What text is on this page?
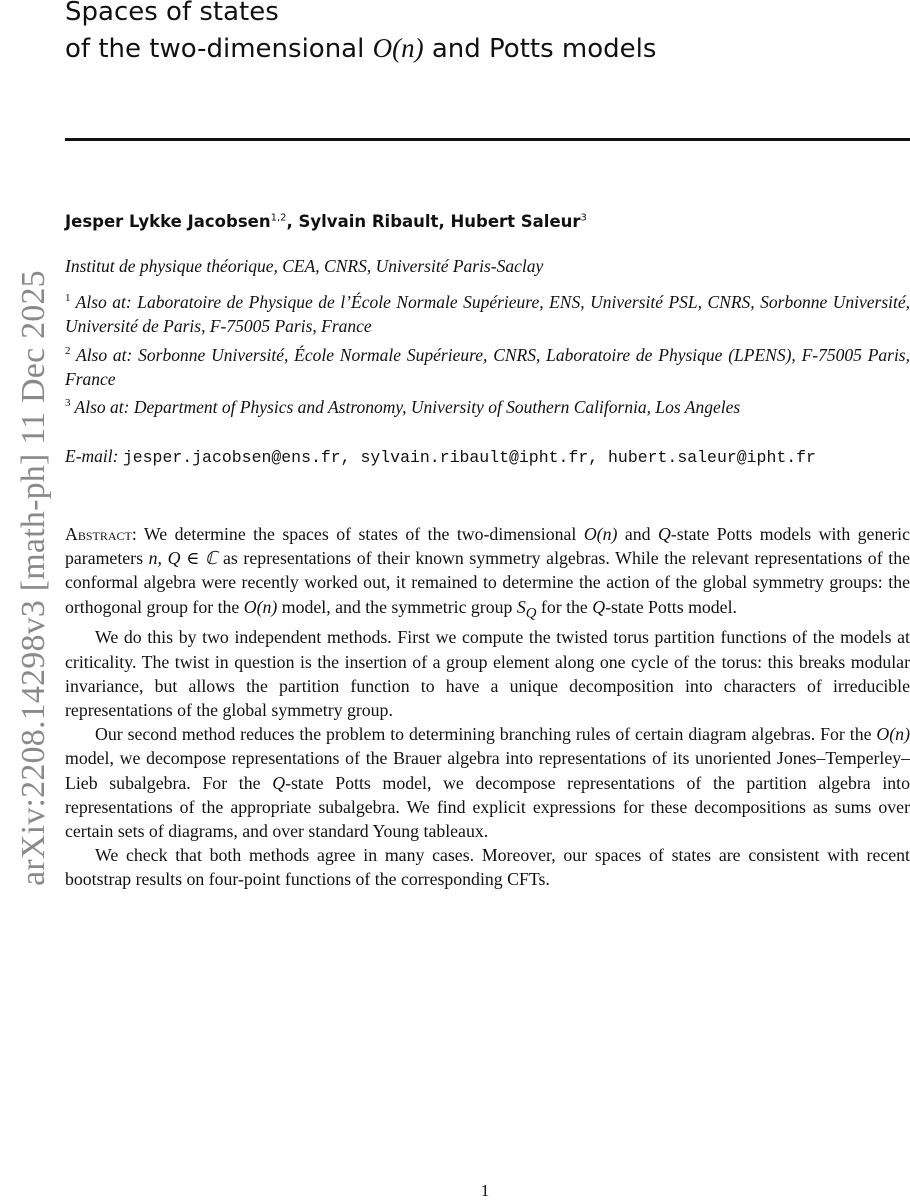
arXiv:2208.14298v3 [math-ph] 11 Dec 2025
Spaces of states
of the two-dimensional O(n) and Potts models
Jesper Lykke Jacobsen$^{1,2}$, Sylvain Ribault, Hubert Saleur$^3$

Institut de physique théorique, CEA, CNRS, Université Paris-Saclay

$^1$ Also at: Laboratoire de Physique de l’École Normale Supérieure, ENS, Université PSL, CNRS, Sorbonne Université, Université de Paris, F-75005 Paris, France

$^2$ Also at: Sorbonne Université, École Normale Supérieure, CNRS, Laboratoire de Physique (LPENS), F-75005 Paris, France

$^3$ Also at: Department of Physics and Astronomy, University of Southern California, Los Angeles

E-mail: jesper.jacobsen@ens.fr, sylvain.ribault@ipht.fr, hubert.saleur@ipht.fr

Abstract: We determine the spaces of states of the two-dimensional O(n) and Q-state Potts models with generic parameters n, Q ∈ ℂ as representations of their known symmetry algebras. While the relevant representations of the conformal algebra were recently worked out, it remained to determine the action of the global symmetry groups: the orthogonal group for the O(n) model, and the symmetric group $S_Q$ for the Q-state Potts model.

We do this by two independent methods. First we compute the twisted torus partition functions of the models at criticality. The twist in question is the insertion of a group element along one cycle of the torus: this breaks modular invariance, but allows the partition function to have a unique decomposition into characters of irreducible representations of the global symmetry group.

Our second method reduces the problem to determining branching rules of certain diagram algebras. For the O(n) model, we decompose representations of the Brauer algebra into representations of its unoriented Jones–Temperley–Lieb subalgebra. For the Q-state Potts model, we decompose representations of the partition algebra into representations of the appropriate subalgebra. We find explicit expressions for these decompositions as sums over certain sets of diagrams, and over standard Young tableaux.

We check that both methods agree in many cases. Moreover, our spaces of states are consistent with recent bootstrap results on four-point functions of the corresponding CFTs.

1
